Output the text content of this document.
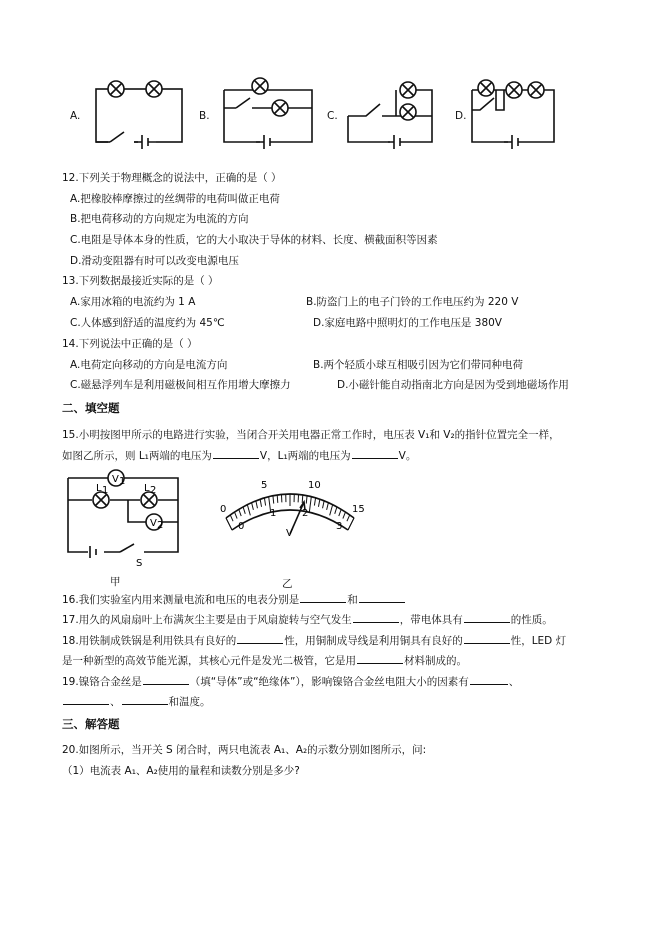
A.	B.	C.	D.
12.下列关于物理概念的说法中，正确的是（ ）
A.把橡胶棒摩擦过的丝绸带的电荷叫做正电荷
B.把电荷移动的方向规定为电流的方向
C.电阻是导体本身的性质，它的大小取决于导体的材料、长度、横截面积等因素
D.滑动变阻器有时可以改变电源电压
13.下列数据最接近实际的是（ ）
A.家用冰箱的电流约为 1 A	B.防盗门上的电子门铃的工作电压约为 220 V
C.人体感到舒适的温度约为 45℃	D.家庭电路中照明灯的工作电压是 380V
14.下列说法中正确的是（ ）
A.电荷定向移动的方向是电流方向	B.两个轻质小球互相吸引因为它们带同种电荷
C.磁悬浮列车是利用磁极间相互作用增大摩擦力	D.小磁针能自动指南北方向是因为受到地磁场作用
二、填空题
15.小明按图甲所示的电路进行实验，当闭合开关用电器正常工作时，电压表 V₁和 V₂的指针位置完全一样，
如图乙所示，则 L₁两端的电压为	V，L₁两端的电压为	V。
V 1
V 2
L 1	L 2
S
甲
0
5	10
15
0
1	2
3
V
乙
16.我们实验室内用来测量电流和电压的电表分别是	和
17.用久的风扇扇叶上布满灰尘主要是由于风扇旋转与空气发生	，带电体具有	的性质。
18.用铁制成铁锅是利用铁具有良好的	性，用铜制成导线是利用铜具有良好的	性，LED 灯
是一种新型的高效节能光源，其核心元件是发光二极管，它是用	材料制成的。
19.镍铬合金丝是	（填“导体”或“绝缘体”），影响镍铬合金丝电阻大小的因素有	、
、	和温度。
三、解答题
20.如图所示，当开关 S 闭合时，两只电流表 A₁、A₂的示数分别如图所示，问:
（1）电流表 A₁、A₂使用的量程和读数分别是多少?
